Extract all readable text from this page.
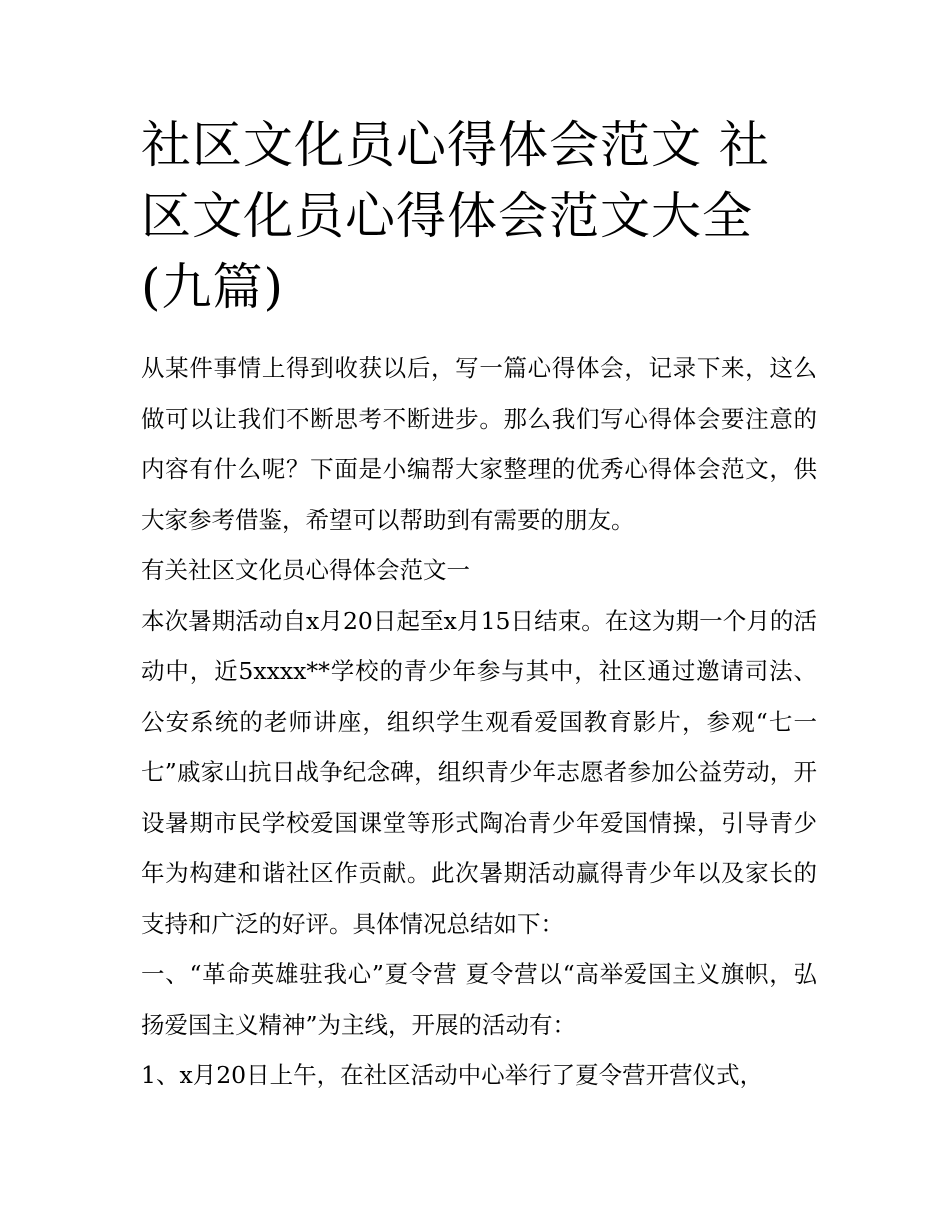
社区文化员心得体会范文 社区文化员心得体会范文大全(九篇)

从某件事情上得到收获以后，写一篇心得体会，记录下来，这么做可以让我们不断思考不断进步。那么我们写心得体会要注意的内容有什么呢？下面是小编帮大家整理的优秀心得体会范文，供大家参考借鉴，希望可以帮助到有需要的朋友。

有关社区文化员心得体会范文一

本次暑期活动自x月20日起至x月15日结束。在这为期一个月的活动中，近5xxxx**学校的青少年参与其中，社区通过邀请司法、公安系统的老师讲座，组织学生观看爱国教育影片，参观“七一七”戚家山抗日战争纪念碑，组织青少年志愿者参加公益劳动，开设暑期市民学校爱国课堂等形式陶冶青少年爱国情操，引导青少年为构建和谐社区作贡献。此次暑期活动赢得青少年以及家长的支持和广泛的好评。具体情况总结如下：

一、“革命英雄驻我心”夏令营 夏令营以“高举爱国主义旗帜，弘扬爱国主义精神”为主线，开展的活动有：

1、x月20日上午，在社区活动中心举行了夏令营开营仪式，
